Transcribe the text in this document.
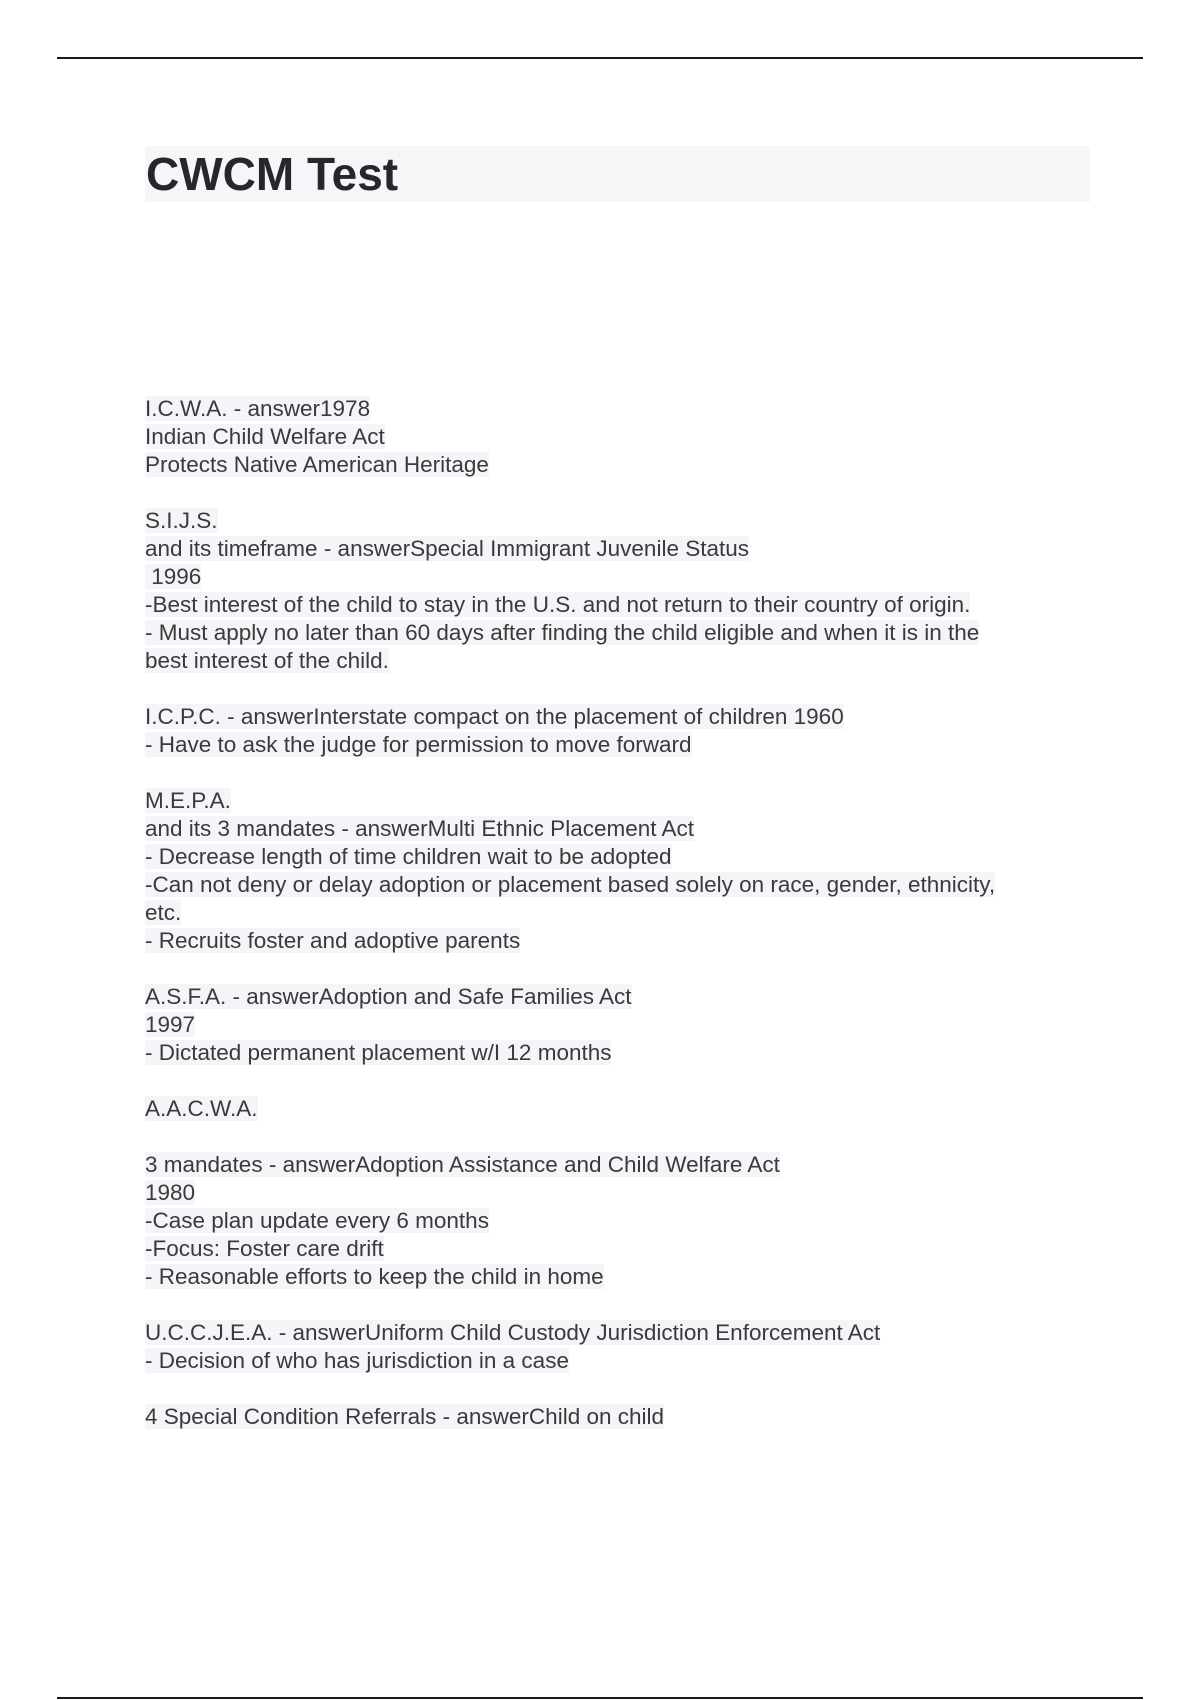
CWCM Test
I.C.W.A. - answer1978
Indian Child Welfare Act
Protects Native American Heritage
S.I.J.S.
and its timeframe - answerSpecial Immigrant Juvenile Status
1996
-Best interest of the child to stay in the U.S. and not return to their country of origin.
- Must apply no later than 60 days after finding the child eligible and when it is in the
best interest of the child.
I.C.P.C. - answerInterstate compact on the placement of children 1960
- Have to ask the judge for permission to move forward
M.E.P.A.
and its 3 mandates - answerMulti Ethnic Placement Act
- Decrease length of time children wait to be adopted
-Can not deny or delay adoption or placement based solely on race, gender, ethnicity,
etc.
- Recruits foster and adoptive parents
A.S.F.A. - answerAdoption and Safe Families Act
1997
- Dictated permanent placement w/I 12 months
A.A.C.W.A.
3 mandates - answerAdoption Assistance and Child Welfare Act
1980
-Case plan update every 6 months
-Focus: Foster care drift
- Reasonable efforts to keep the child in home
U.C.C.J.E.A. - answerUniform Child Custody Jurisdiction Enforcement Act
- Decision of who has jurisdiction in a case
4 Special Condition Referrals - answerChild on child
